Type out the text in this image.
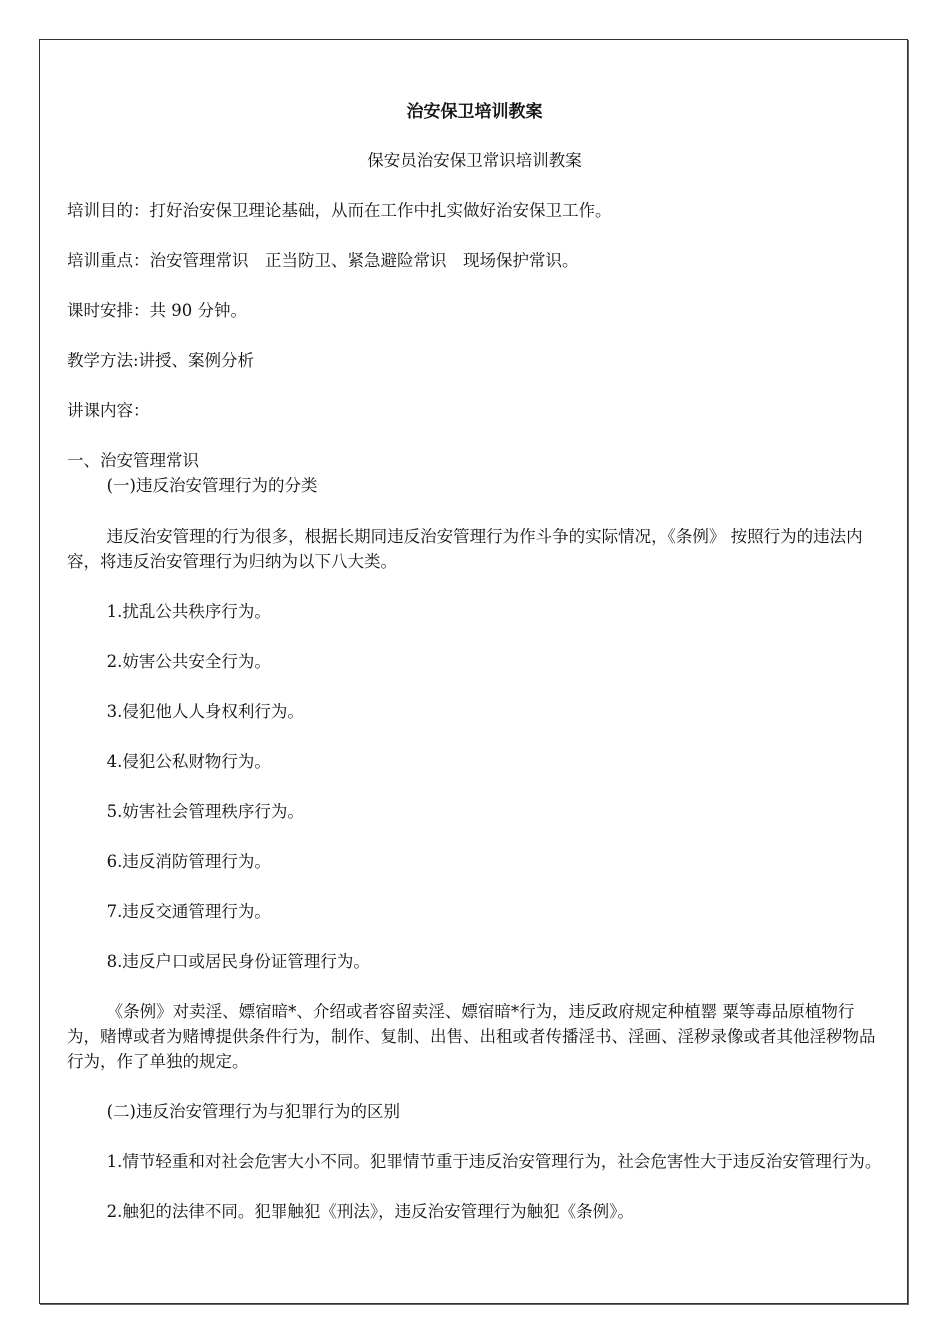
治安保卫培训教案

保安员治安保卫常识培训教案

培训目的：打好治安保卫理论基础，从而在工作中扎实做好治安保卫工作。

培训重点：治安管理常识　正当防卫、紧急避险常识　现场保护常识。

课时安排：共 90 分钟。

教学方法:讲授、案例分析

讲课内容：

一、治安管理常识

(一)违反治安管理行为的分类

违反治安管理的行为很多，根据长期同违反治安管理行为作斗争的实际情况，《条例》 按照行为的违法内容，将违反治安管理行为归纳为以下八大类。

1.扰乱公共秩序行为。

2.妨害公共安全行为。

3.侵犯他人人身权利行为。

4.侵犯公私财物行为。

5.妨害社会管理秩序行为。

6.违反消防管理行为。

7.违反交通管理行为。

8.违反户口或居民身份证管理行为。

《条例》对卖淫、嫖宿暗*、介绍或者容留卖淫、嫖宿暗*行为，违反政府规定种植罂 粟等毒品原植物行为，赌博或者为赌博提供条件行为，制作、复制、出售、出租或者传播淫书、淫画、淫秽录像或者其他淫秽物品行为，作了单独的规定。

(二)违反治安管理行为与犯罪行为的区别

1.情节轻重和对社会危害大小不同。犯罪情节重于违反治安管理行为，社会危害性大于违反治安管理行为。

2.触犯的法律不同。犯罪触犯《刑法》，违反治安管理行为触犯《条例》。
